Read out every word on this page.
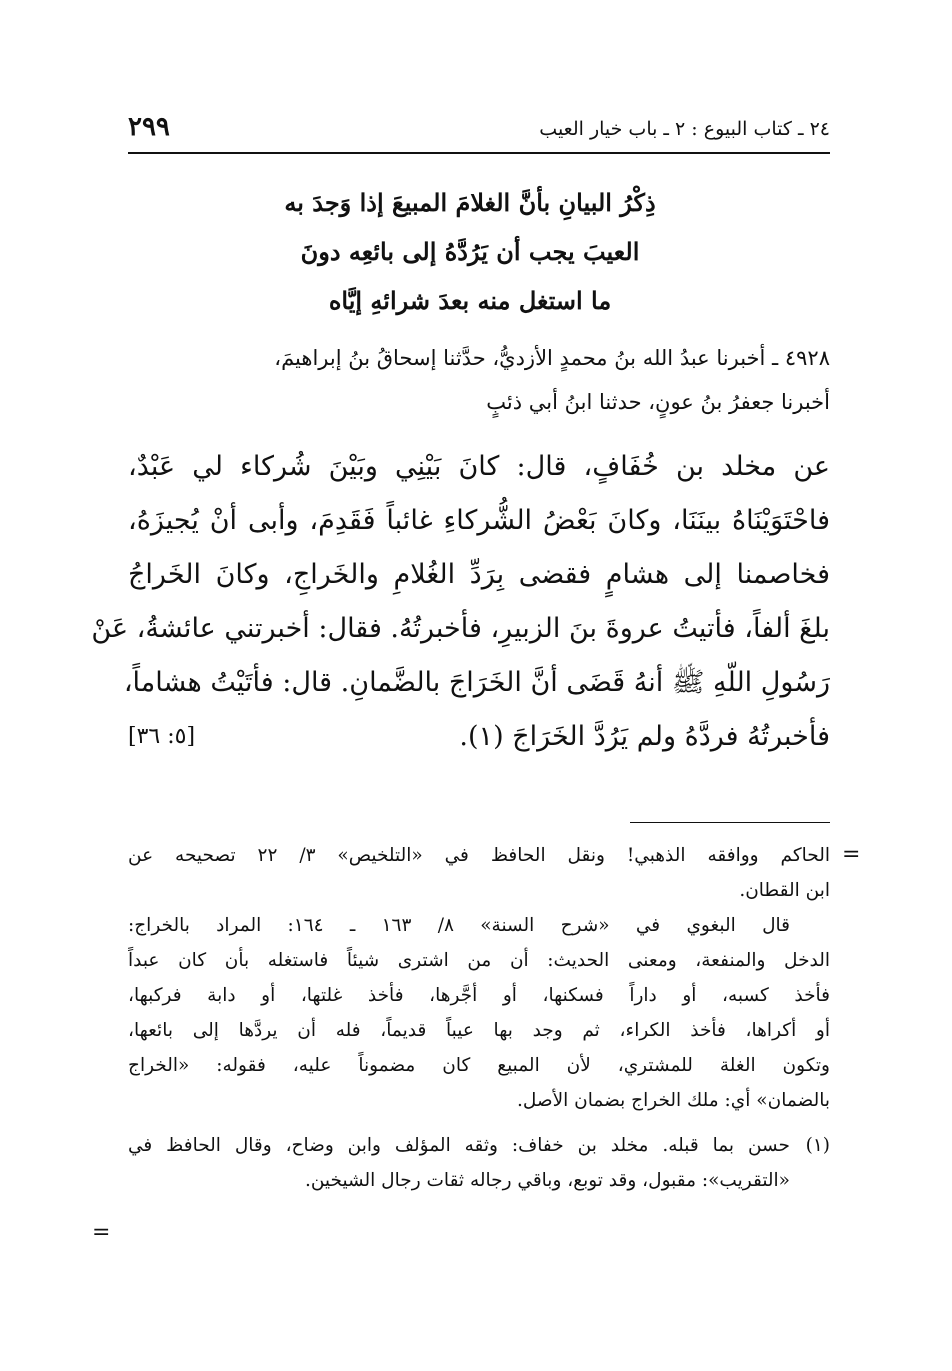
٢٤ ـ كتاب البيوع : ٢ ـ باب خيار العيب
٢٩٩
ذِكْرُ البيانِ بأنَّ الغلامَ المبيعَ إذا وَجدَ به
العيبَ يجب أن يَرُدَّهُ إلى بائعِه دونَ
ما استغل منه بعدَ شرائهِ إيَّاه
٤٩٢٨ ـ أخبرنا عبدُ الله بنُ محمدٍ الأزديُّ، حدَّثنا إسحاقُ بنُ إبراهيمَ،
أخبرنا جعفرُ بنُ عونٍ، حدثنا ابنُ أبي ذئبٍ
عن مخلد بن خُفَافٍ، قال: كانَ بَيْنِي وبَيْنَ شُركاء لي عَبْدٌ،
فاحْتَوَيْنَاهُ بينَنَا، وكانَ بَعْضُ الشُّركاءِ غائباً فَقَدِمَ، وأبى أنْ يُجيزَهُ،
فخاصمنا إلى هشامٍ فقضى بِرَدِّ الغُلامِ والخَراجِ، وكانَ الخَراجُ
بلغَ ألفاً، فأتيتُ عروةَ بنَ الزبيرِ، فأخبرتُهُ. فقال: أخبرتني عائشةُ، عَنْ
رَسُولِ اللّهِ ﷺ أنهُ قَضَى أنَّ الخَرَاجَ بالضَّمانِ. قال: فأتَيْتُ هشاماً،
فأخبرتُهُ فردَّهُ ولم يَرُدَّ الخَرَاجَ (١).
[٥: ٣٦]
=
الحاكم ووافقه الذهبي! ونقل الحافظ في «التلخيص» ٣/ ٢٢ تصحيحه عن
ابن القطان.
قال البغوي في «شرح السنة» ٨/ ١٦٣ ـ ١٦٤: المراد بالخراج:
الدخل والمنفعة، ومعنى الحديث: أن من اشترى شيئاً فاستغله بأن كان عبداً
فأخذ كسبه، أو داراً فسكنها، أو أجَّرها، فأخذ غلتها، أو دابة فركبها،
أو أكراها، فأخذ الكراء، ثم وجد بها عيباً قديماً، فله أن يردَّها إلى بائعها،
وتكون الغلة للمشتري، لأن المبيع كان مضموناً عليه، فقوله: «الخراج
بالضمان» أي: ملك الخراج بضمان الأصل.
(١)حسن بما قبله. مخلد بن خفاف: وثقه المؤلف وابن وضاح، وقال الحافظ في
«التقريب»: مقبول، وقد توبع، وباقي رجاله ثقات رجال الشيخين.
=
